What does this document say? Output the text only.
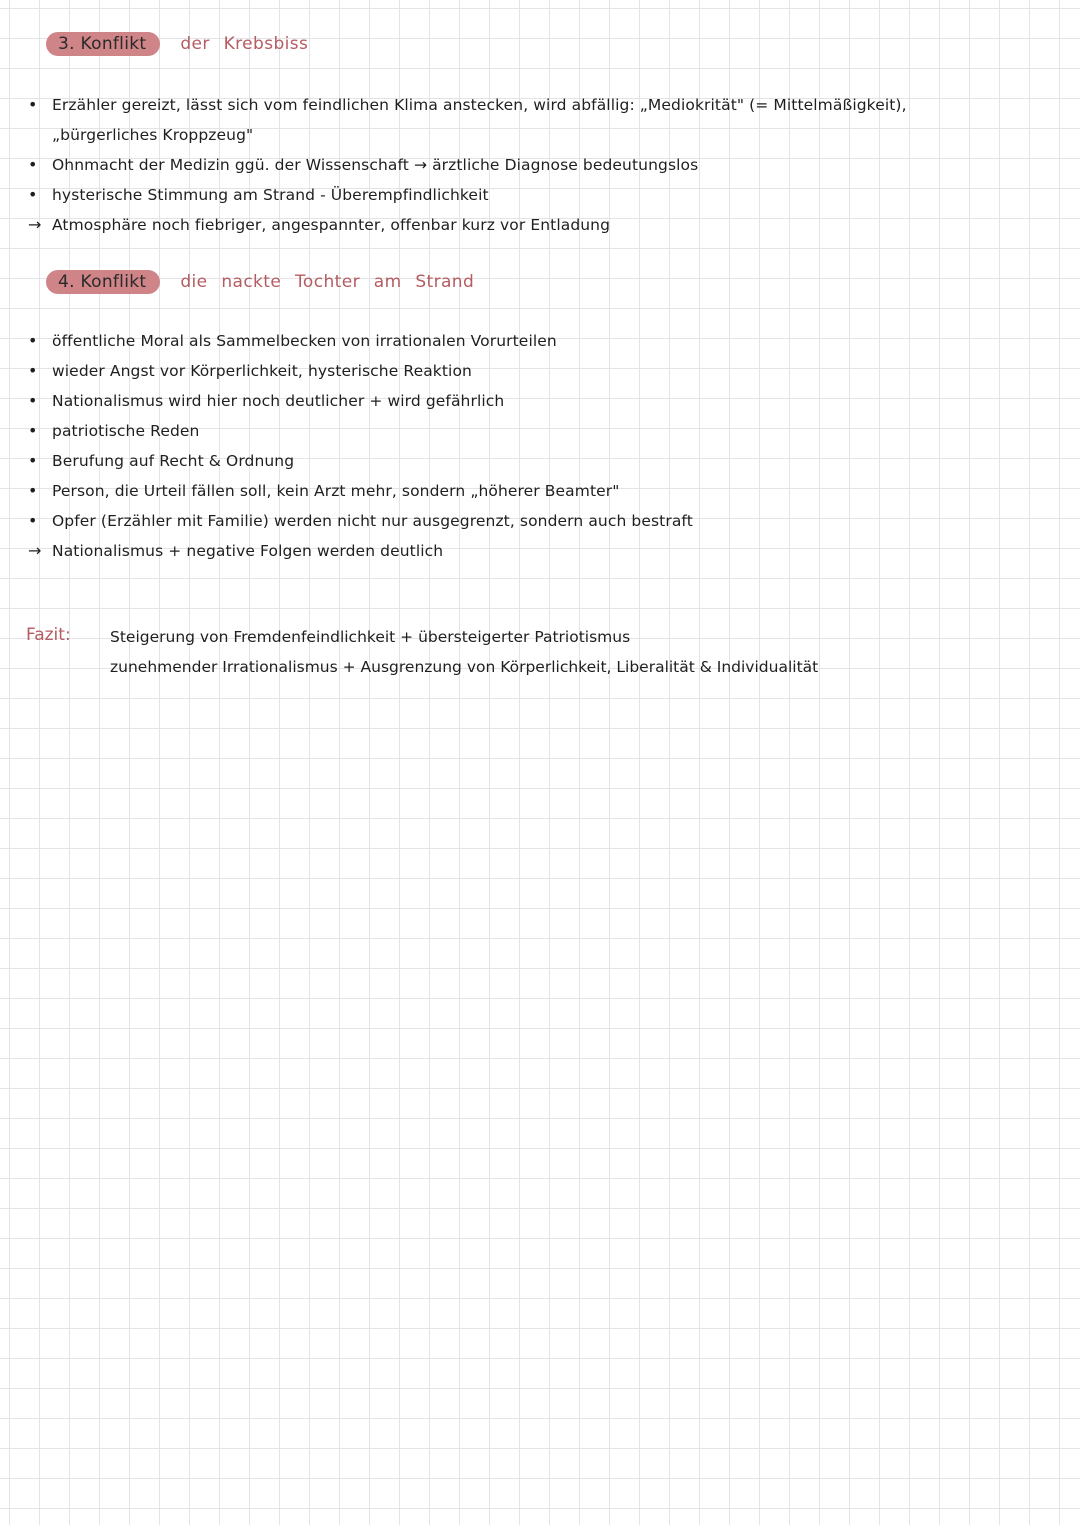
3. Konflikt	der Krebsbiss
• Erzähler gereizt, lässt sich vom feindlichen Klima anstecken, wird abfällig: „Mediokrität" (= Mittelmäßigkeit),
„bürgerliches Kroppzeug"
• Ohnmacht der Medizin ggü. der Wissenschaft → ärztliche Diagnose bedeutungslos
• hysterische Stimmung am Strand - Überempfindlichkeit
→ Atmosphäre noch fiebriger, angespannter, offenbar kurz vor Entladung
4. Konflikt	die nackte Tochter am Strand
• öffentliche Moral als Sammelbecken von irrationalen Vorurteilen
• wieder Angst vor Körperlichkeit, hysterische Reaktion
• Nationalismus wird hier noch deutlicher + wird gefährlich
• patriotische Reden
• Berufung auf Recht & Ordnung
• Person, die Urteil fällen soll, kein Arzt mehr, sondern „höherer Beamter"
• Opfer (Erzähler mit Familie) werden nicht nur ausgegrenzt, sondern auch bestraft
→ Nationalismus + negative Folgen werden deutlich
Fazit:	Steigerung von Fremdenfeindlichkeit + übersteigerter Patriotismus
zunehmender Irrationalismus + Ausgrenzung von Körperlichkeit, Liberalität & Individualität
